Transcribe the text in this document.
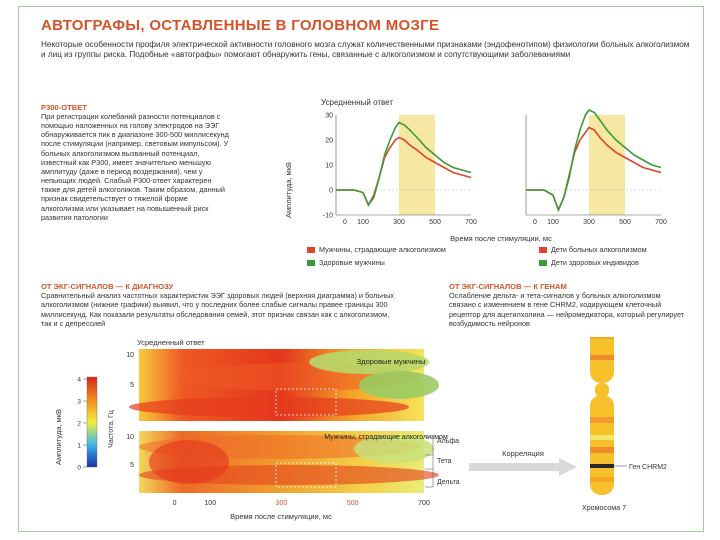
АВТОГРАФЫ, ОСТАВЛЕННЫЕ В ГОЛОВНОМ МОЗГЕ
Некоторые особенности профиля электрической активности головного мозга служат количественными признаками (эндофенотипом) физиологии больных алкоголизмом и лиц из группы риска. Подобные «автографы» помогают обнаружить гены, связанные с алкоголизмом и сопутствующими заболеваниями
Р300-ОТВЕТ
При регистрации колебаний разности потенциалов с помощью наложенных на голову электродов на ЭЭГ обнаруживается пик в диапазоне 300-500 миллисекунд после стимуляции (например, световым импульсом). У больных алкоголизмом вызванный потенциал, известный как Р300, имеет значительно меньшую амплитуду (даже в период воздержания), чем у непьющих людей. Слабый Р300-ответ характерен также для детей алкоголиков. Таким образом, данный признак свидетельствует о тяжелой форме алкоголизма или указывает на повышенный риск развития патологии
Усредненный ответ
Амплитуда, мкВ
Время после стимуляции, мс
30
20
10
0
-10
0 100	300	500	700	0 100	300	500	700
Мужчины, страдающие алкоголизмом
Здоровые мужчины
Дети больных алкоголизмом
Дети здоровых индивидов
ОТ ЭКГ-СИГНАЛОВ — К ДИАГНОЗУ
Сравнительный анализ частотных характеристик ЭЭГ здоровых людей (верхняя диаграмма) и больных алкоголизмом (нижние графики) выявил, что у последних более слабые сигналы правее границы 300 миллисекунд. Как показали результаты обследования семей, этот признак связан как с алкоголизмом, так и с депрессией
ОТ ЭКГ-СИГНАЛОВ — К ГЕНАМ
Ослабление дельта- и тета-сигналов у больных алкоголизмом связано с изменением в гене CHRM2, кодирующем клеточный рецептор для ацетилхолина — нейромедиатора, который регулирует возбудимость нейронов
Усредненный ответ
4
3
2
1
0
Амплитуда, мкВ	Частота, Гц
Здоровые мужчины
Мужчины, страдающие алкоголизмом
0	100	300	500	700
10
5
10
5
Время после стимуляции, мс
Альфа
Тета
Дельта
Корреляция
Ген CHRM2
Хромосома 7
